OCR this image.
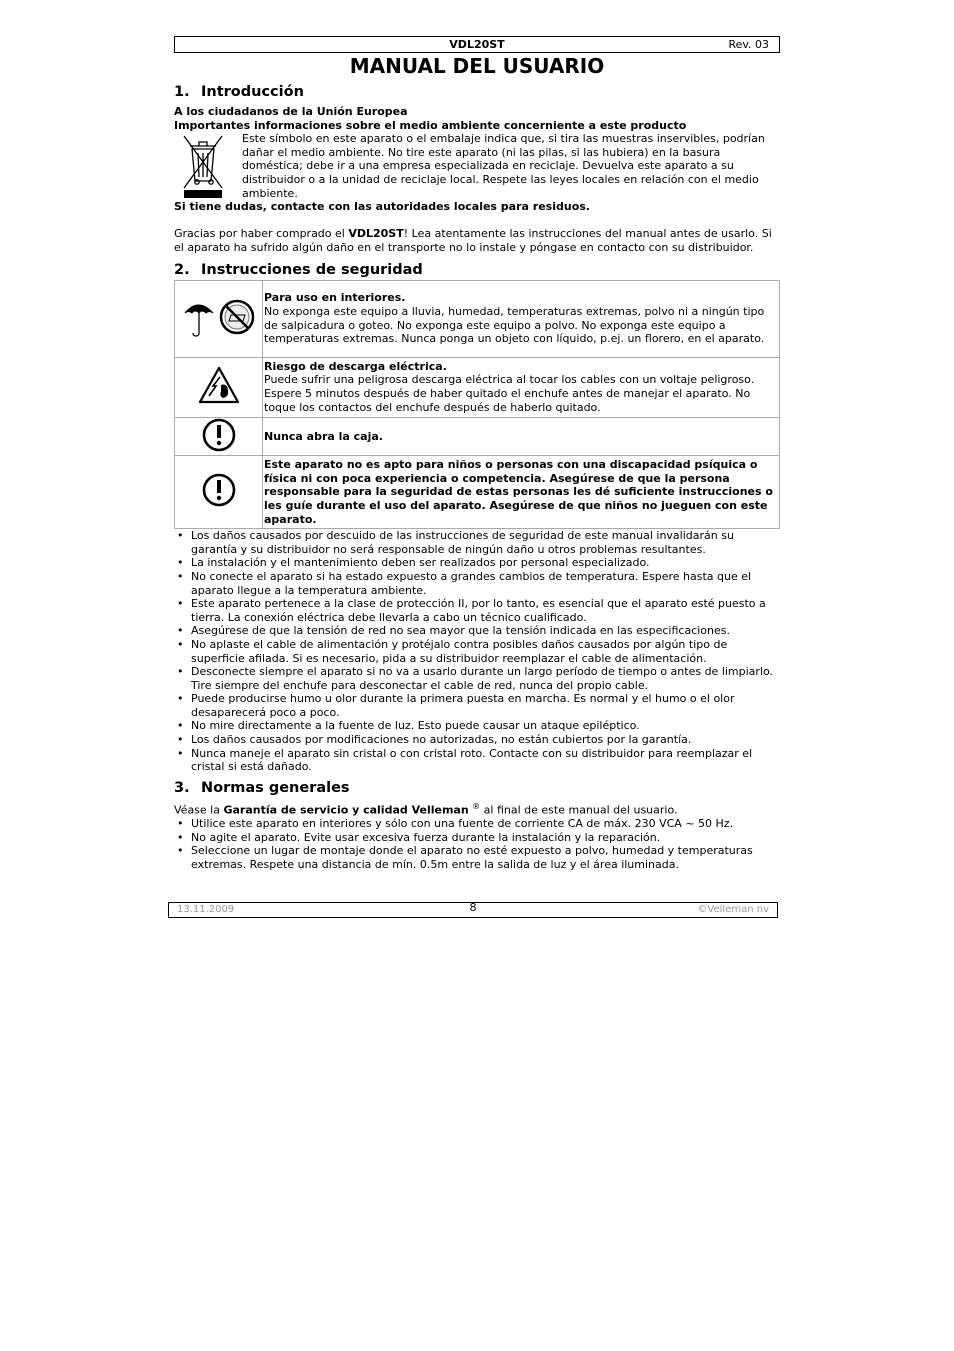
VDL20ST	Rev. 03
MANUAL DEL USUARIO
1. Introducción

A los ciudadanos de la Unión Europea

Importantes informaciones sobre el medio ambiente concerniente a este producto

Este símbolo en este aparato o el embalaje indica que, si tira las muestras inservibles, podrían dañar el medio ambiente. No tire este aparato (ni las pilas, si las hubiera) en la basura doméstica; debe ir a una empresa especializada en reciclaje. Devuelva este aparato a su distribuidor o a la unidad de reciclaje local. Respete las leyes locales en relación con el medio ambiente.

Si tiene dudas, contacte con las autoridades locales para residuos.

Gracias por haber comprado el VDL20ST! Lea atentamente las instrucciones del manual antes de usarlo. Si el aparato ha sufrido algún daño en el transporte no lo instale y póngase en contacto con su distribuidor.

2. Instrucciones de seguridad

Para uso en interiores.
No exponga este equipo a lluvia, humedad, temperaturas extremas, polvo ni a ningún tipo de salpicadura o goteo. No exponga este equipo a polvo. No exponga este equipo a temperaturas extremas. Nunca ponga un objeto con líquido, p.ej. un florero, en el aparato.

Riesgo de descarga eléctrica.
Puede sufrir una peligrosa descarga eléctrica al tocar los cables con un voltaje peligroso. Espere 5 minutos después de haber quitado el enchufe antes de manejar el aparato. No toque los contactos del enchufe después de haberlo quitado.

Nunca abra la caja.

Este aparato no es apto para niños o personas con una discapacidad psíquica o física ni con poca experiencia o competencia. Asegúrese de que la persona responsable para la seguridad de estas personas les dé suficiente instrucciones o les guíe durante el uso del aparato. Asegúrese de que niños no jueguen con este aparato.
• Los daños causados por descuido de las instrucciones de seguridad de este manual invalidarán su garantía y su distribuidor no será responsable de ningún daño u otros problemas resultantes.
• La instalación y el mantenimiento deben ser realizados por personal especializado.
• No conecte el aparato si ha estado expuesto a grandes cambios de temperatura. Espere hasta que el aparato llegue a la temperatura ambiente.
• Este aparato pertenece a la clase de protección II, por lo tanto, es esencial que el aparato esté puesto a tierra. La conexión eléctrica debe llevarla a cabo un técnico cualificado.
• Asegúrese de que la tensión de red no sea mayor que la tensión indicada en las especificaciones.
• No aplaste el cable de alimentación y protéjalo contra posibles daños causados por algún tipo de superficie afilada. Si es necesario, pida a su distribuidor reemplazar el cable de alimentación.
• Desconecte siempre el aparato si no va a usarlo durante un largo período de tiempo o antes de limpiarlo. Tire siempre del enchufe para desconectar el cable de red, nunca del propio cable.
• Puede producirse humo u olor durante la primera puesta en marcha. Es normal y el humo o el olor desaparecerá poco a poco.
• No mire directamente a la fuente de luz. Esto puede causar un ataque epiléptico.
• Los daños causados por modificaciones no autorizadas, no están cubiertos por la garantía.
• Nunca maneje el aparato sin cristal o con cristal roto. Contacte con su distribuidor para reemplazar el cristal si está dañado.
3. Normas generales

Véase la Garantía de servicio y calidad Velleman ® al final de este manual del usuario.

• Utilice este aparato en interiores y sólo con una fuente de corriente CA de máx. 230 VCA ~ 50 Hz.
• No agite el aparato. Evite usar excesiva fuerza durante la instalación y la reparación.
• Seleccione un lugar de montaje donde el aparato no esté expuesto a polvo, humedad y temperaturas extremas. Respete una distancia de mín. 0.5m entre la salida de luz y el área iluminada.
13.11.2009	8	©Velleman nv
